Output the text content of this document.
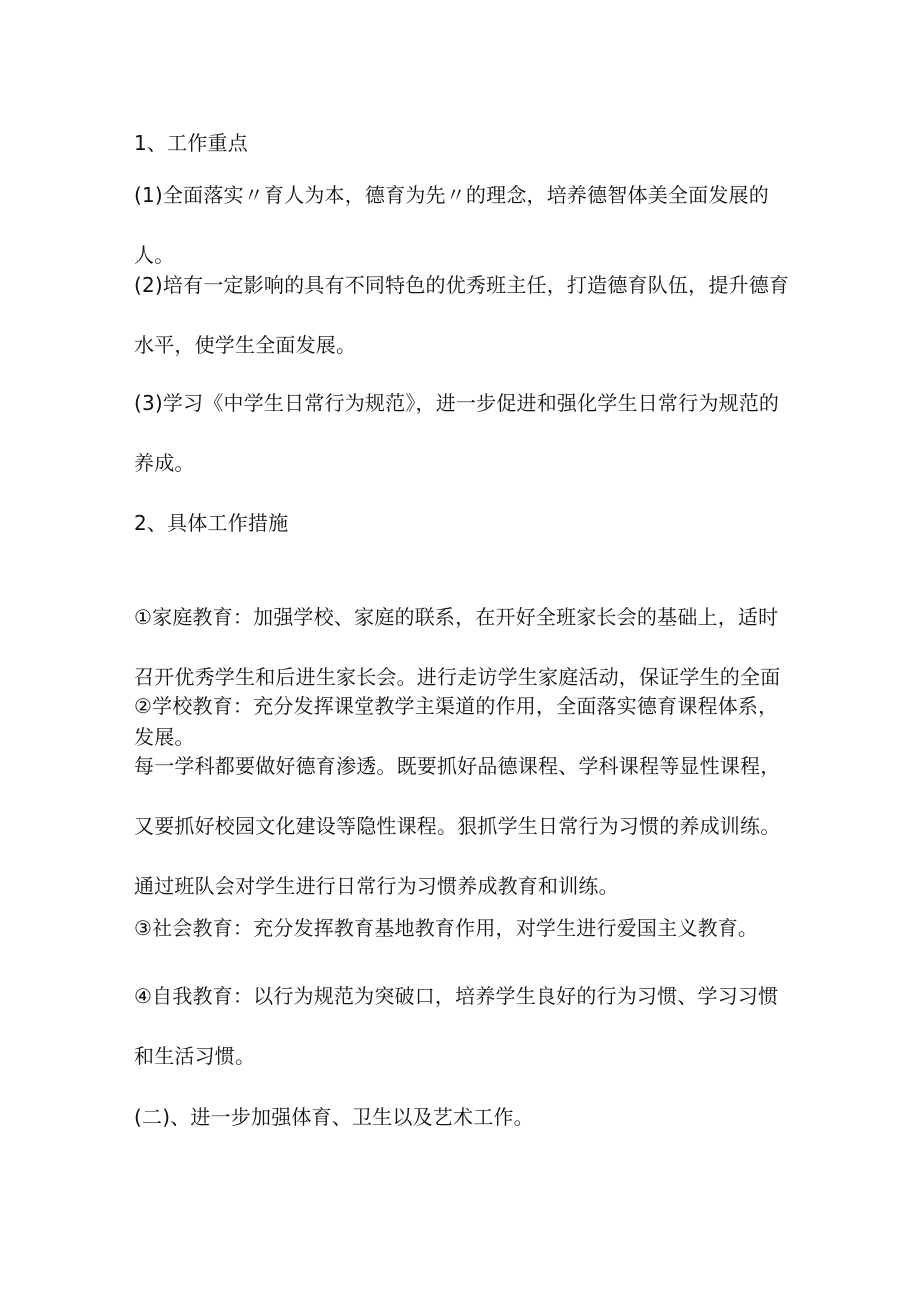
1、工作重点

(1)全面落实〃育人为本，德育为先〃的理念，培养德智体美全面发展的人。

(2)培有一定影响的具有不同特色的优秀班主任，打造德育队伍，提升德育水平，使学生全面发展。

(3)学习《中学生日常行为规范》，进一步促进和强化学生日常行为规范的养成。

2、具体工作措施

①家庭教育：加强学校、家庭的联系，在开好全班家长会的基础上，适时召开优秀学生和后进生家长会。进行走访学生家庭活动，保证学生的全面发展。

②学校教育：充分发挥课堂教学主渠道的作用，全面落实德育课程体系，每一学科都要做好德育渗透。既要抓好品德课程、学科课程等显性课程，又要抓好校园文化建设等隐性课程。狠抓学生日常行为习惯的养成训练。通过班队会对学生进行日常行为习惯养成教育和训练。

③社会教育：充分发挥教育基地教育作用，对学生进行爱国主义教育。

④自我教育：以行为规范为突破口，培养学生良好的行为习惯、学习习惯和生活习惯。

(二)、进一步加强体育、卫生以及艺术工作。
